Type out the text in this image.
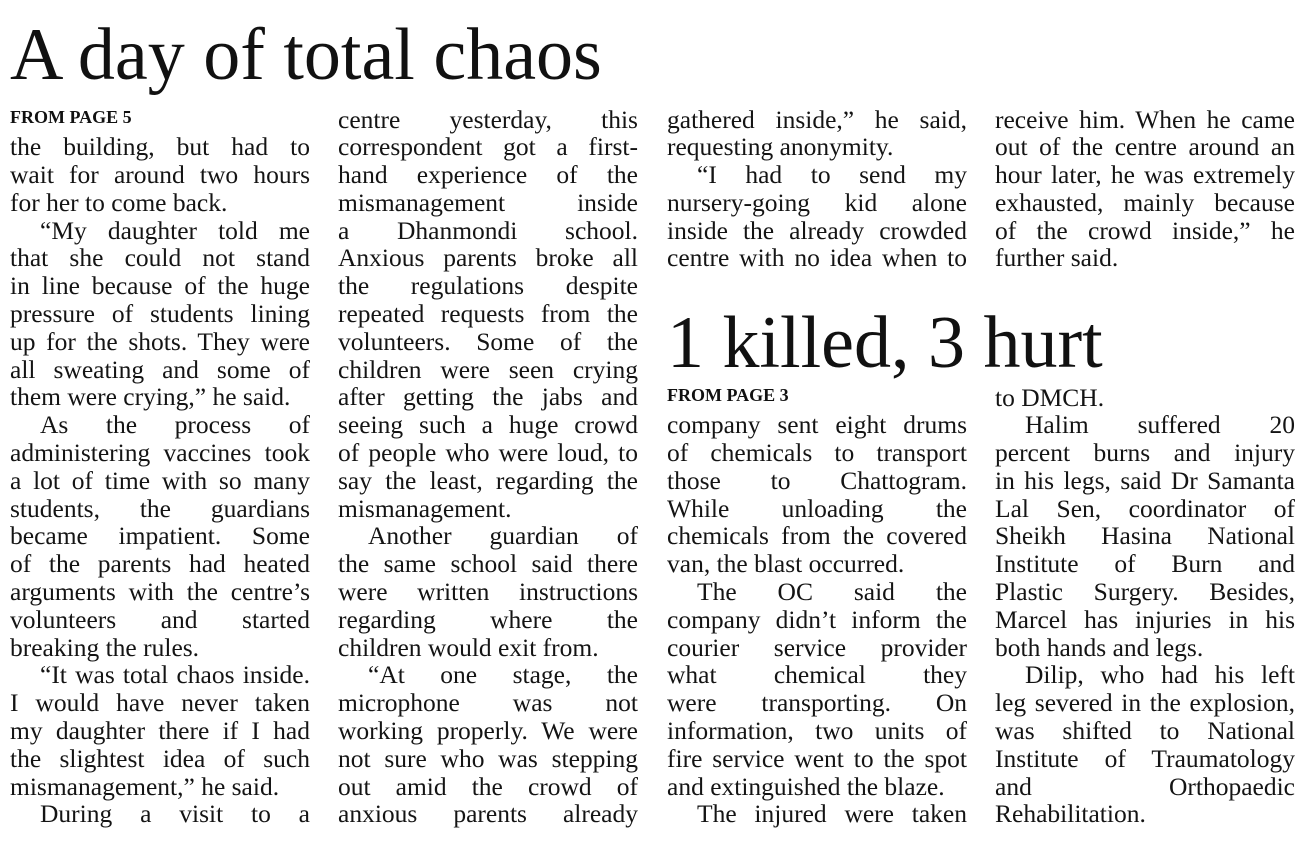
A day of total chaos
FROM PAGE 5
the building, but had to
wait for around two hours
for her to come back.
“My daughter told me
that she could not stand
in line because of the huge
pressure of students lining
up for the shots. They were
all sweating and some of
them were crying,” he said.
As the process of
administering vaccines took
a lot of time with so many
students, the guardians
became impatient. Some
of the parents had heated
arguments with the centre’s
volunteers and started
breaking the rules.
“It was total chaos inside.
I would have never taken
my daughter there if I had
the slightest idea of such
mismanagement,” he said.
During a visit to a
centre yesterday, this
correspondent got a first-
hand experience of the
mismanagement inside
a Dhanmondi school.
Anxious parents broke all
the regulations despite
repeated requests from the
volunteers. Some of the
children were seen crying
after getting the jabs and
seeing such a huge crowd
of people who were loud, to
say the least, regarding the
mismanagement.
Another guardian of
the same school said there
were written instructions
regarding where the
children would exit from.
“At one stage, the
microphone was not
working properly. We were
not sure who was stepping
out amid the crowd of
anxious parents already
gathered inside,” he said,
requesting anonymity.
“I had to send my
nursery-going kid alone
inside the already crowded
centre with no idea when to
receive him. When he came
out of the centre around an
hour later, he was extremely
exhausted, mainly because
of the crowd inside,” he
further said.
1 killed, 3 hurt
FROM PAGE 3
company sent eight drums
of chemicals to transport
those to Chattogram.
While unloading the
chemicals from the covered
van, the blast occurred.
The OC said the
company didn’t inform the
courier service provider
what chemical they
were transporting. On
information, two units of
fire service went to the spot
and extinguished the blaze.
The injured were taken
to DMCH.
Halim suffered 20
percent burns and injury
in his legs, said Dr Samanta
Lal Sen, coordinator of
Sheikh Hasina National
Institute of Burn and
Plastic Surgery. Besides,
Marcel has injuries in his
both hands and legs.
Dilip, who had his left
leg severed in the explosion,
was shifted to National
Institute of Traumatology
and Orthopaedic
Rehabilitation.
